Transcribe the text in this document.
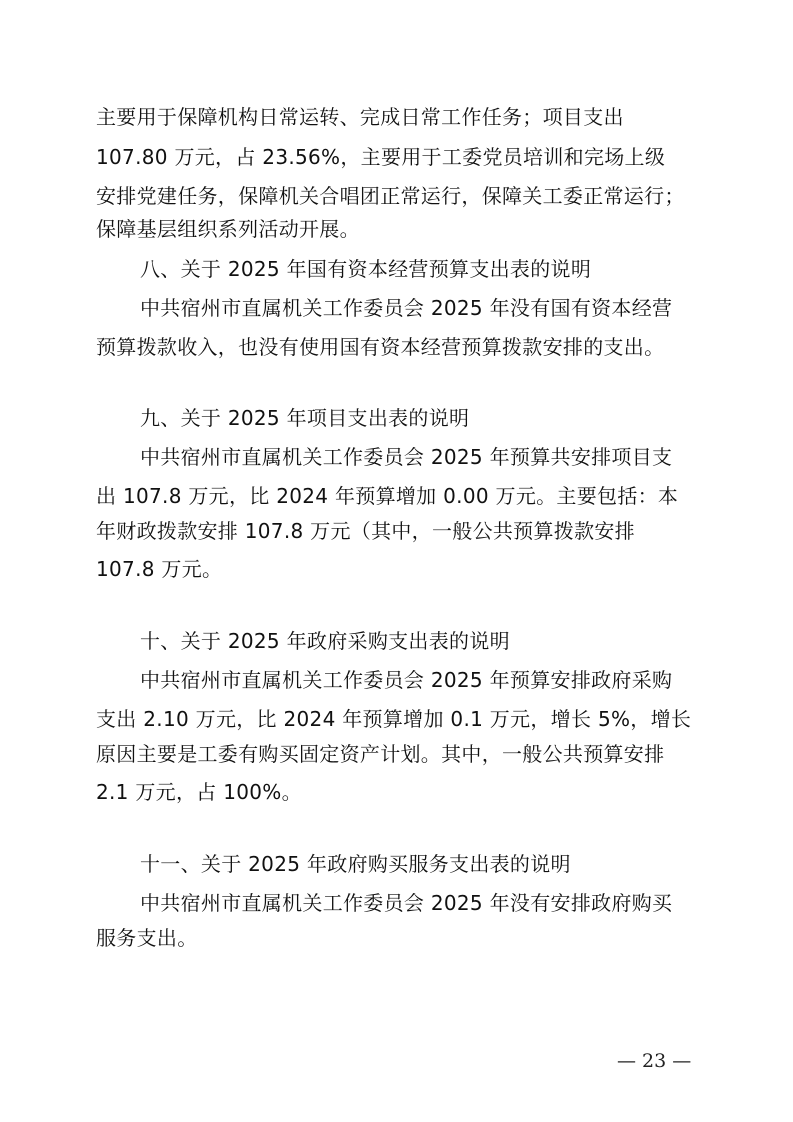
主要用于保障机构日常运转、完成日常工作任务；项目支出
107.80 万元，占 23.56%，主要用于工委党员培训和完场上级
安排党建任务，保障机关合唱团正常运行，保障关工委正常运行；
保障基层组织系列活动开展。
八、关于 2025 年国有资本经营预算支出表的说明
中共宿州市直属机关工作委员会 2025 年没有国有资本经营
预算拨款收入，也没有使用国有资本经营预算拨款安排的支出。
九、关于 2025 年项目支出表的说明
中共宿州市直属机关工作委员会 2025 年预算共安排项目支
出 107.8 万元，比 2024 年预算增加 0.00 万元。主要包括：本
年财政拨款安排 107.8 万元（其中，一般公共预算拨款安排
107.8 万元。
十、关于 2025 年政府采购支出表的说明
中共宿州市直属机关工作委员会 2025 年预算安排政府采购
支出 2.10 万元，比 2024 年预算增加 0.1 万元，增长 5%，增长
原因主要是工委有购买固定资产计划。其中，一般公共预算安排
2.1 万元，占 100%。
十一、关于 2025 年政府购买服务支出表的说明
中共宿州市直属机关工作委员会 2025 年没有安排政府购买
服务支出。
— 23 —
